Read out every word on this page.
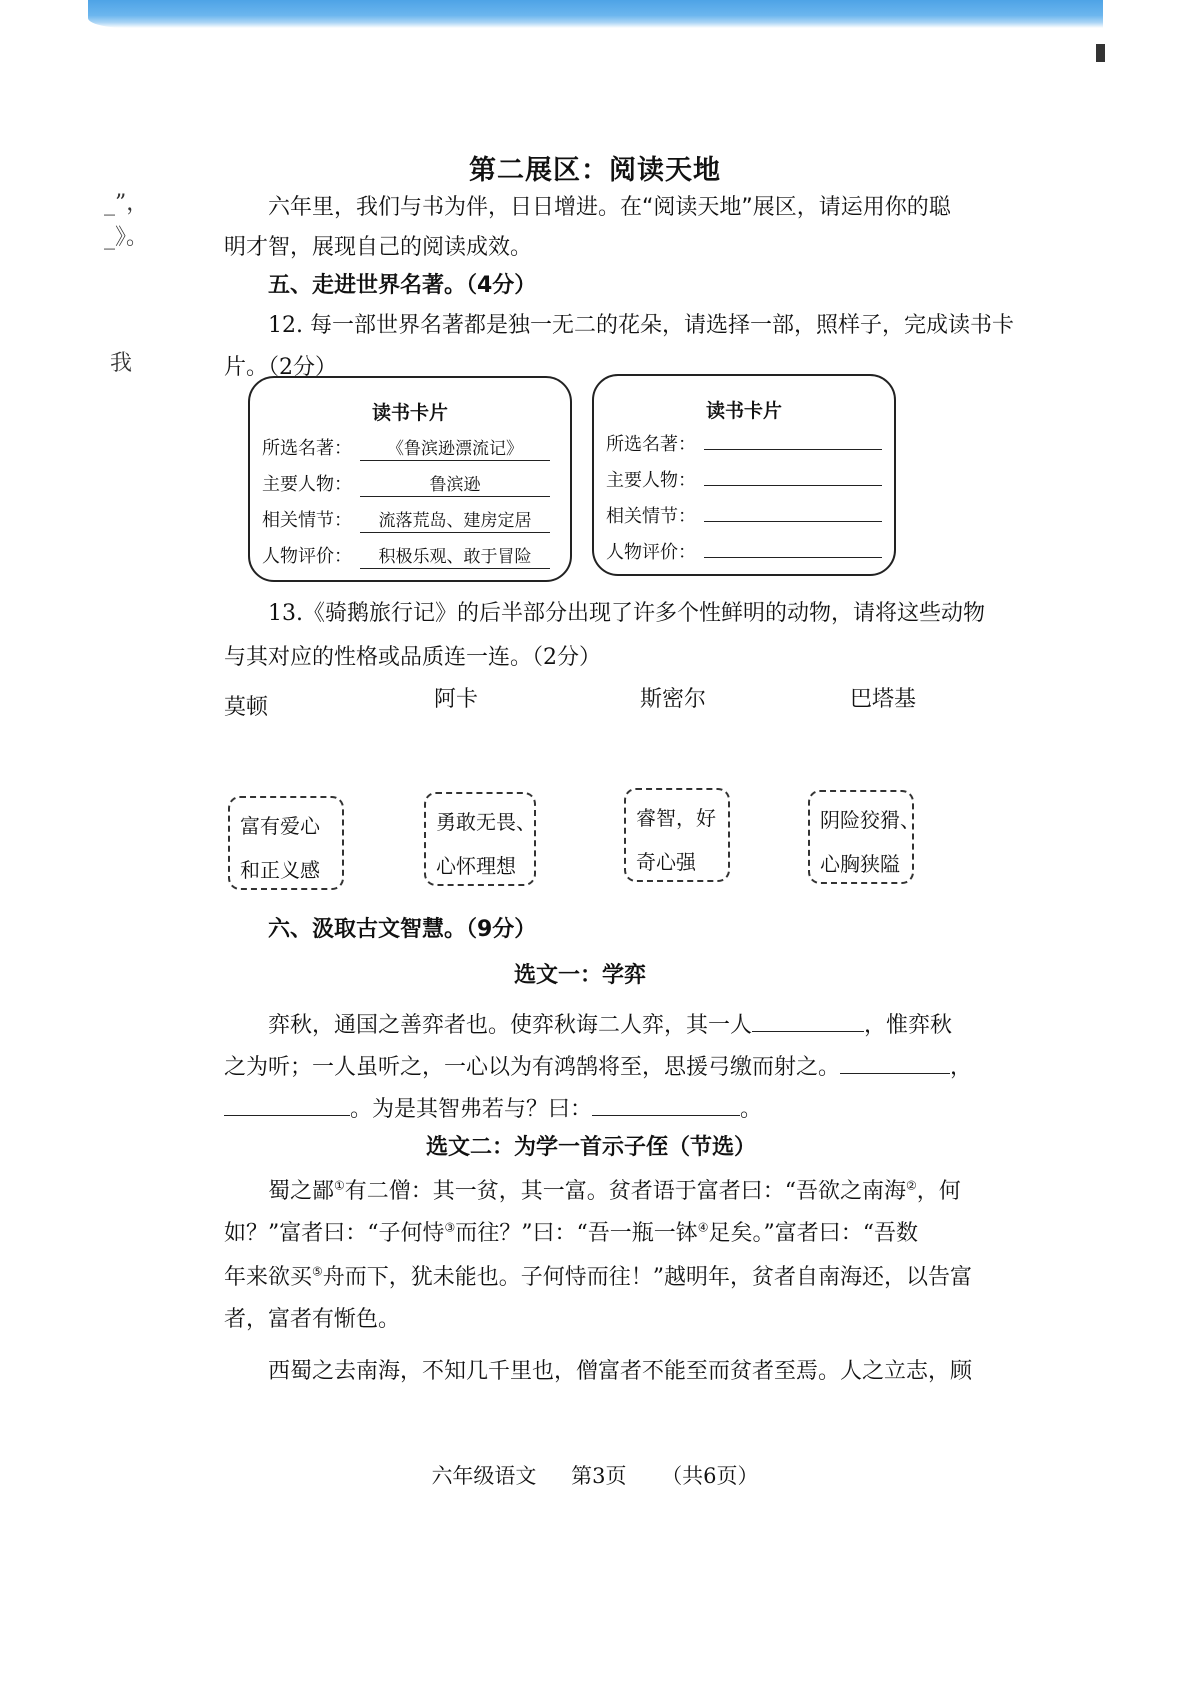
_”，
_》。
我
第二展区：阅读天地
六年里，我们与书为伴，日日增进。在“阅读天地”展区，请运用你的聪
明才智，展现自己的阅读成效。
五、走进世界名著。（4分）
12. 每一部世界名著都是独一无二的花朵，请选择一部，照样子，完成读书卡
片。（2分）
读书卡片
所选名著： 《鲁滨逊漂流记》
主要人物：	鲁滨逊
相关情节： 流落荒岛、建房定居
人物评价： 积极乐观、敢于冒险
读书卡片
所选名著：
主要人物：
相关情节：
人物评价：
13.《骑鹅旅行记》的后半部分出现了许多个性鲜明的动物，请将这些动物
与其对应的性格或品质连一连。（2分）
莫顿	阿卡	斯密尔	巴塔基
富有爱心
和正义感
勇敢无畏、
心怀理想
睿智，好
奇心强
阴险狡猾、
心胸狭隘
六、汲取古文智慧。（9分）
选文一：学弈
弈秋，通国之善弈者也。使弈秋诲二人弈，其一人	，惟弈秋
之为听；一人虽听之，一心以为有鸿鹄将至，思援弓缴而射之。	，
。为是其智弗若与？曰：	。
选文二：为学一首示子侄（节选）
蜀之鄙①有二僧：其一贫，其一富。贫者语于富者曰：“吾欲之南海②，何
如？”富者曰：“子何恃③而往？”曰：“吾一瓶一钵④足矣。”富者曰：“吾数
年来欲买⑤舟而下，犹未能也。子何恃而往！”越明年，贫者自南海还，以告富
者，富者有惭色。
西蜀之去南海，不知几千里也，僧富者不能至而贫者至焉。人之立志，顾
六年级语文 第3页 （共6页）
